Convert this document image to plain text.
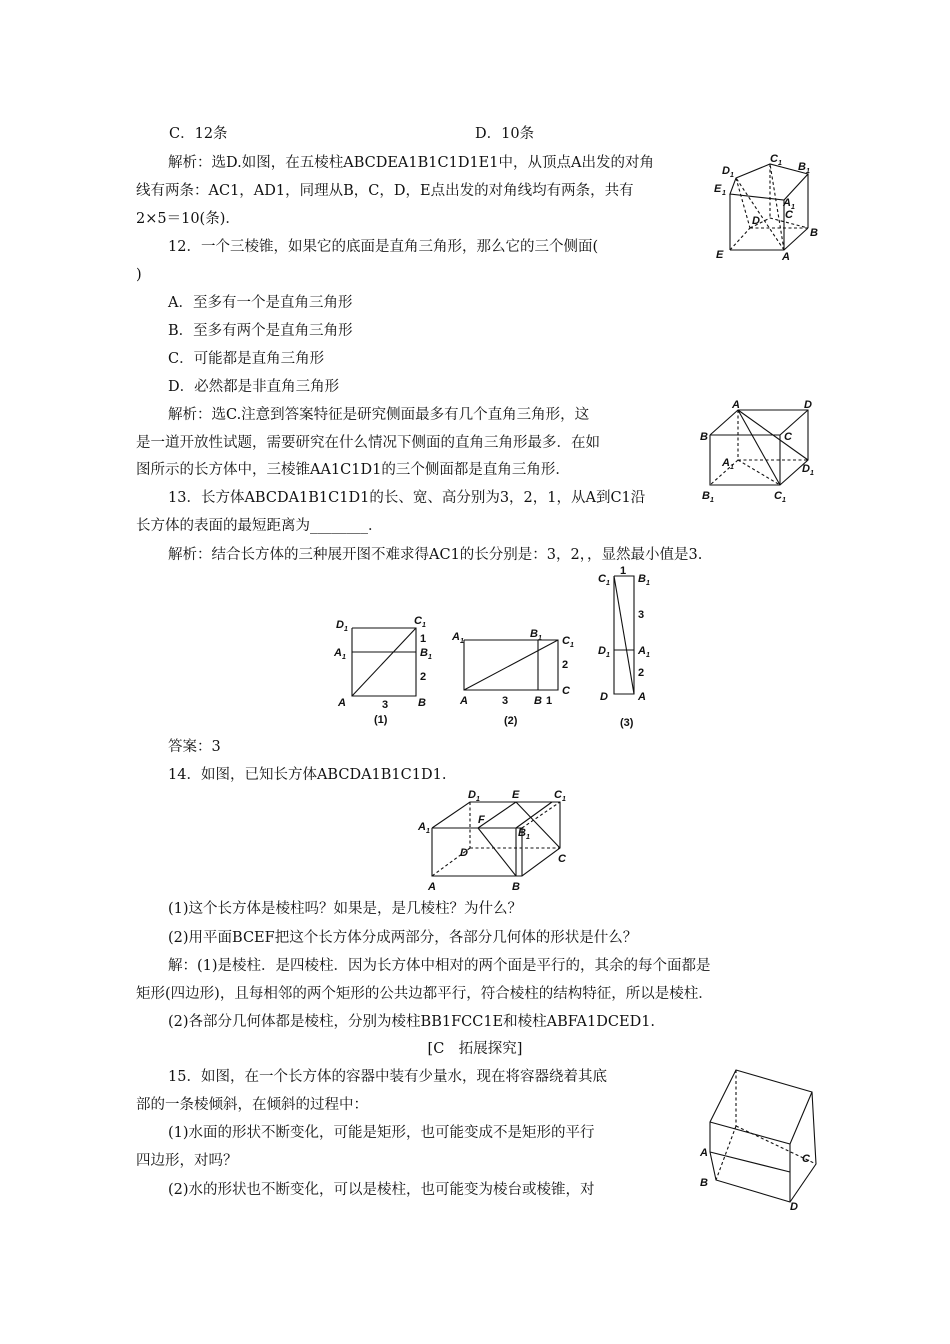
C．12条	D．10条
解析：选D.如图，在五棱柱ABCDEA1B1C1D1E1中，从顶点A出发的对角
线有两条：AC1，AD1，同理从B，C，D，E点出发的对角线均有两条，共有
2×5＝10(条)．
D 1
C 1 B 1
E 1
A 1
D C
E	A
B
12．一个三棱锥，如果它的底面是直角三角形，那么它的三个侧面(
)
A．至多有一个是直角三角形
B．至多有两个是直角三角形
C．可能都是直角三角形
D．必然都是非直角三角形
解析：选C.注意到答案特征是研究侧面最多有几个直角三角形，这
是一道开放性试题，需要研究在什么情况下侧面的直角三角形最多．在如
图所示的长方体中，三棱锥AA1C1D1的三个侧面都是直角三角形．
A	D
B	C
A 1	D 1
B 1	C 1
13．长方体ABCDA1B1C1D1的长、宽、高分别为3，2，1，从A到C1沿
长方体的表面的最短距离为________．
解析：结合长方体的三种展开图不难求得AC1的长分别是：3，2，，显然最小值是3.
D 1
C 1
1
A 1	B 1
2
A	3	B
(1)
A 1
B 1 C 1
2
C
A	3 B 1
(2)
1
C 1	B 1
3
D 1	A 1
2
D	A
(3)
答案：3
14．如图，已知长方体ABCDA1B1C1D1.
D 1	E	C 1
A 1
F
B 1
D	C
A	B
(1)这个长方体是棱柱吗？如果是，是几棱柱？为什么？
(2)用平面BCEF把这个长方体分成两部分，各部分几何体的形状是什么？
解：(1)是棱柱．是四棱柱．因为长方体中相对的两个面是平行的，其余的每个面都是
矩形(四边形)，且每相邻的两个矩形的公共边都平行，符合棱柱的结构特征，所以是棱柱．
(2)各部分几何体都是棱柱，分别为棱柱BB1FCC1E和棱柱ABFA1DCED1.
[C　拓展探究]
15．如图，在一个长方体的容器中装有少量水，现在将容器绕着其底
部的一条棱倾斜，在倾斜的过程中：
(1)水面的形状不断变化，可能是矩形，也可能变成不是矩形的平行
四边形，对吗？
(2)水的形状也不断变化，可以是棱柱，也可能变为棱台或棱锥，对
A
B
C
D
